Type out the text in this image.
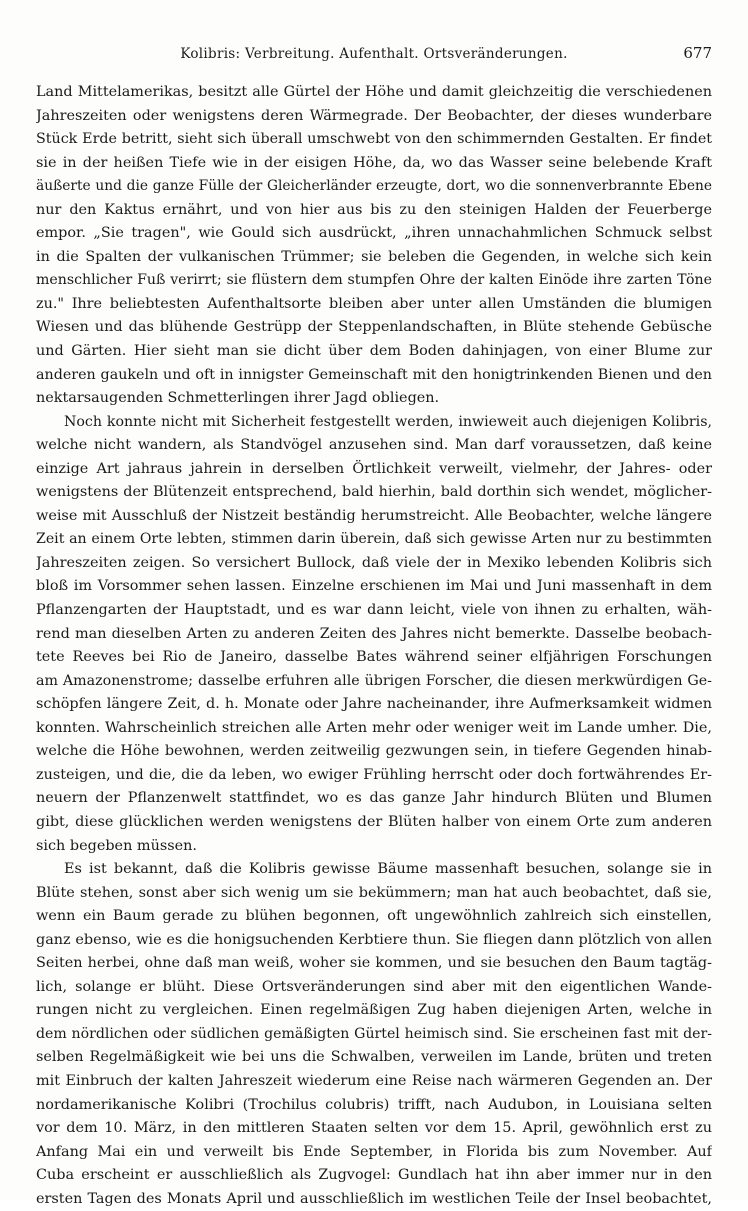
Kolibris: Verbreitung. Aufenthalt. Ortsveränderungen.	677

Land Mittelamerikas, besitzt alle Gürtel der Höhe und damit gleichzeitig die verschiedenen
Jahreszeiten oder wenigstens deren Wärmegrade. Der Beobachter, der dieses wunderbare
Stück Erde betritt, sieht sich überall umschwebt von den schimmernden Gestalten. Er findet
sie in der heißen Tiefe wie in der eisigen Höhe, da, wo das Wasser seine belebende Kraft
äußerte und die ganze Fülle der Gleicherländer erzeugte, dort, wo die sonnenverbrannte Ebene
nur den Kaktus ernährt, und von hier aus bis zu den steinigen Halden der Feuerberge
empor. „Sie tragen", wie Gould sich ausdrückt, „ihren unnachahmlichen Schmuck selbst
in die Spalten der vulkanischen Trümmer; sie beleben die Gegenden, in welche sich kein
menschlicher Fuß verirrt; sie flüstern dem stumpfen Ohre der kalten Einöde ihre zarten Töne
zu." Ihre beliebtesten Aufenthaltsorte bleiben aber unter allen Umständen die blumigen
Wiesen und das blühende Gestrüpp der Steppenlandschaften, in Blüte stehende Gebüsche
und Gärten. Hier sieht man sie dicht über dem Boden dahinjagen, von einer Blume zur
anderen gaukeln und oft in innigster Gemeinschaft mit den honigtrinkenden Bienen und den
nektarsaugenden Schmetterlingen ihrer Jagd obliegen.

Noch konnte nicht mit Sicherheit festgestellt werden, inwieweit auch diejenigen Kolibris,
welche nicht wandern, als Standvögel anzusehen sind. Man darf voraussetzen, daß keine
einzige Art jahraus jahrein in derselben Örtlichkeit verweilt, vielmehr, der Jahres- oder
wenigstens der Blütenzeit entsprechend, bald hierhin, bald dorthin sich wendet, möglicher-
weise mit Ausschluß der Nistzeit beständig herumstreicht. Alle Beobachter, welche längere
Zeit an einem Orte lebten, stimmen darin überein, daß sich gewisse Arten nur zu bestimmten
Jahreszeiten zeigen. So versichert Bullock, daß viele der in Mexiko lebenden Kolibris sich
bloß im Vorsommer sehen lassen. Einzelne erschienen im Mai und Juni massenhaft in dem
Pflanzengarten der Hauptstadt, und es war dann leicht, viele von ihnen zu erhalten, wäh-
rend man dieselben Arten zu anderen Zeiten des Jahres nicht bemerkte. Dasselbe beobach-
tete Reeves bei Rio de Janeiro, dasselbe Bates während seiner elfjährigen Forschungen
am Amazonenstrome; dasselbe erfuhren alle übrigen Forscher, die diesen merkwürdigen Ge-
schöpfen längere Zeit, d. h. Monate oder Jahre nacheinander, ihre Aufmerksamkeit widmen
konnten. Wahrscheinlich streichen alle Arten mehr oder weniger weit im Lande umher. Die,
welche die Höhe bewohnen, werden zeitweilig gezwungen sein, in tiefere Gegenden hinab-
zusteigen, und die, die da leben, wo ewiger Frühling herrscht oder doch fortwährendes Er-
neuern der Pflanzenwelt stattfindet, wo es das ganze Jahr hindurch Blüten und Blumen
gibt, diese glücklichen werden wenigstens der Blüten halber von einem Orte zum anderen
sich begeben müssen.

Es ist bekannt, daß die Kolibris gewisse Bäume massenhaft besuchen, solange sie in
Blüte stehen, sonst aber sich wenig um sie bekümmern; man hat auch beobachtet, daß sie,
wenn ein Baum gerade zu blühen begonnen, oft ungewöhnlich zahlreich sich einstellen,
ganz ebenso, wie es die honigsuchenden Kerbtiere thun. Sie fliegen dann plötzlich von allen
Seiten herbei, ohne daß man weiß, woher sie kommen, und sie besuchen den Baum tagtäg-
lich, solange er blüht. Diese Ortsveränderungen sind aber mit den eigentlichen Wande-
rungen nicht zu vergleichen. Einen regelmäßigen Zug haben diejenigen Arten, welche in
dem nördlichen oder südlichen gemäßigten Gürtel heimisch sind. Sie erscheinen fast mit der-
selben Regelmäßigkeit wie bei uns die Schwalben, verweilen im Lande, brüten und treten
mit Einbruch der kalten Jahreszeit wiederum eine Reise nach wärmeren Gegenden an. Der
nordamerikanische Kolibri (Trochilus colubris) trifft, nach Audubon, in Louisiana selten
vor dem 10. März, in den mittleren Staaten selten vor dem 15. April, gewöhnlich erst zu
Anfang Mai ein und verweilt bis Ende September, in Florida bis zum November. Auf
Cuba erscheint er ausschließlich als Zugvogel: Gundlach hat ihn aber immer nur in den
ersten Tagen des Monats April und ausschließlich im westlichen Teile der Insel beobachtet,
